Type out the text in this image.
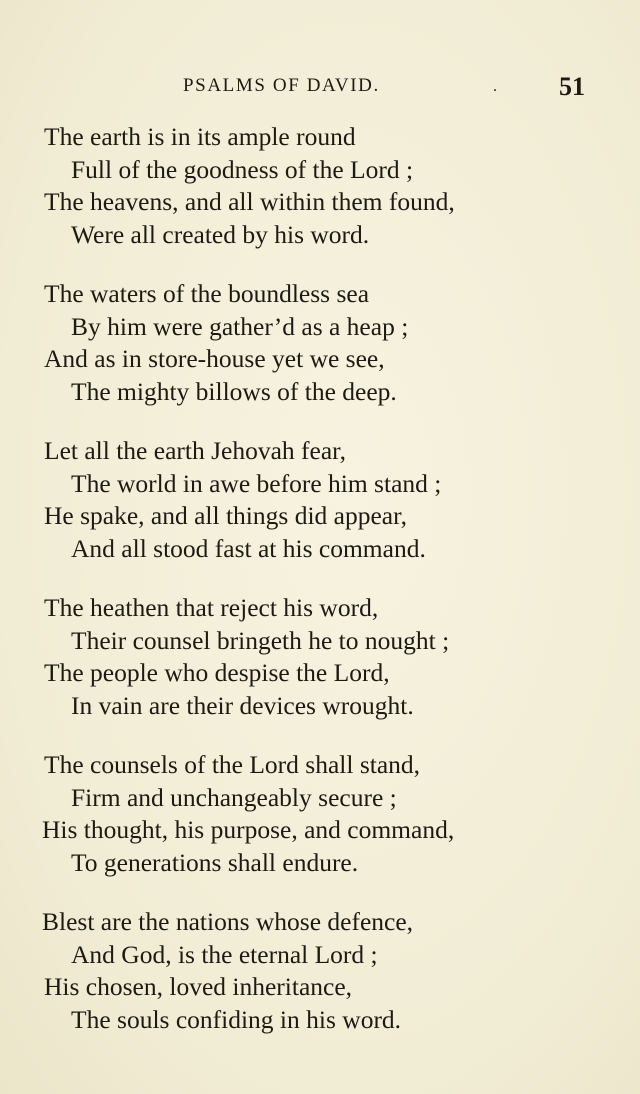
PSALMS OF DAVID.	. 51
The earth is in its ample round
Full of the goodness of the Lord ;
The heavens, and all within them found,
Were all created by his word.
The waters of the boundless sea
By him were gather’d as a heap ;
And as in store-house yet we see,
The mighty billows of the deep.
Let all the earth Jehovah fear,
The world in awe before him stand ;
He spake, and all things did appear,
And all stood fast at his command.
The heathen that reject his word,
Their counsel bringeth he to nought ;
The people who despise the Lord,
In vain are their devices wrought.
The counsels of the Lord shall stand,
Firm and unchangeably secure ;
His thought, his purpose, and command,
To generations shall endure.
Blest are the nations whose defence,
And God, is the eternal Lord ;
His chosen, loved inheritance,
The souls confiding in his word.
